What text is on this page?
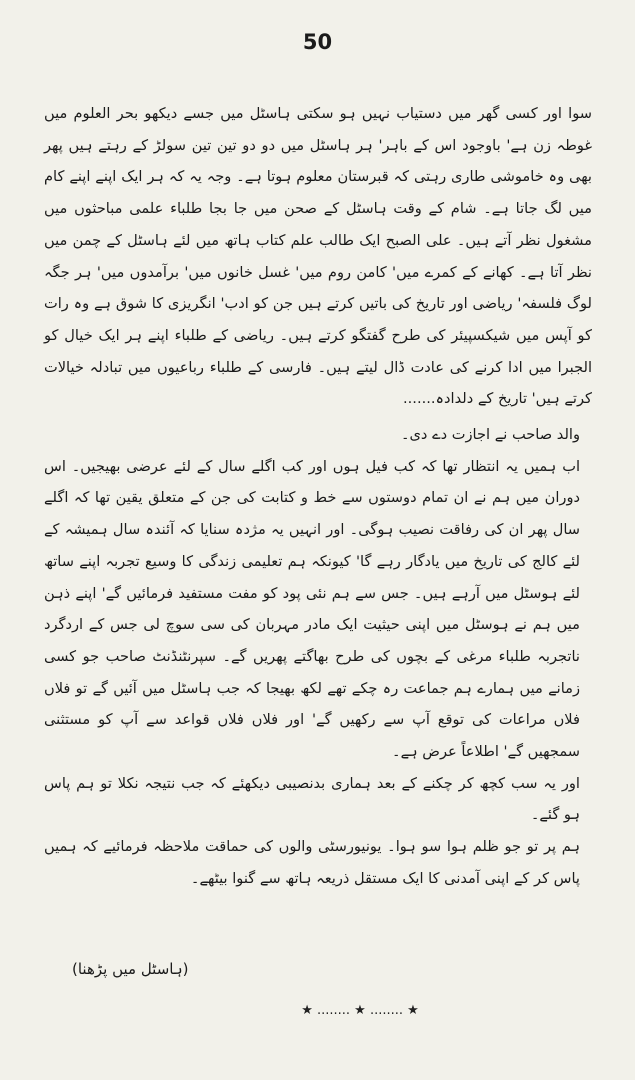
50

سوا اور کسی گھر میں دستیاب نہیں ہو سکتی ہاسٹل میں جسے دیکھو بحر العلوم میں غوطہ زن ہے' باوجود اس کے باہر' ہر ہاسٹل میں دو دو تین تین سولڑ کے رہتے ہیں پھر بھی وہ خاموشی طاری رہتی کہ قبرستان معلوم ہوتا ہے۔ وجہ یہ کہ ہر ایک اپنے اپنے کام میں لگ جاتا ہے۔ شام کے وقت ہاسٹل کے صحن میں جا بجا طلباء علمی مباحثوں میں مشغول نظر آتے ہیں۔ علی الصبح ایک طالب علم کتاب ہاتھ میں لئے ہاسٹل کے چمن میں نظر آتا ہے۔ کھانے کے کمرے میں' کامن روم میں' غسل خانوں میں' برآمدوں میں' ہر جگہ لوگ فلسفہ' ریاضی اور تاریخ کی باتیں کرتے ہیں جن کو ادب' انگریزی کا شوق ہے وہ رات کو آپس میں شیکسپیئر کی طرح گفتگو کرتے ہیں۔ ریاضی کے طلباء اپنے ہر ایک خیال کو الجبرا میں ادا کرنے کی عادت ڈال لیتے ہیں۔ فارسی کے طلباء رباعیوں میں تبادلہ خیالات کرتے ہیں' تاریخ کے دلدادہ.......

والد صاحب نے اجازت دے دی۔

اب ہمیں یہ انتظار تھا کہ کب فیل ہوں اور کب اگلے سال کے لئے عرضی بھیجیں۔ اس دوران میں ہم نے ان تمام دوستوں سے خط و کتابت کی جن کے متعلق یقین تھا کہ اگلے سال پھر ان کی رفاقت نصیب ہوگی۔ اور انہیں یہ مژدہ سنایا کہ آئندہ سال ہمیشہ کے لئے کالج کی تاریخ میں یادگار رہے گا' کیونکہ ہم تعلیمی زندگی کا وسیع تجربہ اپنے ساتھ لئے ہوسٹل میں آرہے ہیں۔ جس سے ہم نئی پود کو مفت مستفید فرمائیں گے' اپنے ذہن میں ہم نے ہوسٹل میں اپنی حیثیت ایک مادر مہربان کی سی سوچ لی جس کے اردگرد ناتجربہ طلباء مرغی کے بچوں کی طرح بھاگتے پھریں گے۔ سپرنٹنڈنٹ صاحب جو کسی زمانے میں ہمارے ہم جماعت رہ چکے تھے لکھ بھیجا کہ جب ہاسٹل میں آئیں گے تو فلاں فلاں مراعات کی توقع آپ سے رکھیں گے' اور فلاں فلاں قواعد سے آپ کو مستثنی سمجھیں گے' اطلاعاً عرض ہے۔

اور یہ سب کچھ کر چکنے کے بعد ہماری بدنصیبی دیکھئے کہ جب نتیجہ نکلا تو ہم پاس ہو گئے۔

ہم پر تو جو ظلم ہوا سو ہوا۔ یونیورسٹی والوں کی حماقت ملاحظہ فرمائیے کہ ہمیں پاس کر کے اپنی آمدنی کا ایک مستقل ذریعہ ہاتھ سے گنوا بیٹھے۔

(ہاسٹل میں پڑھنا)
★ ........ ★ ........ ★
